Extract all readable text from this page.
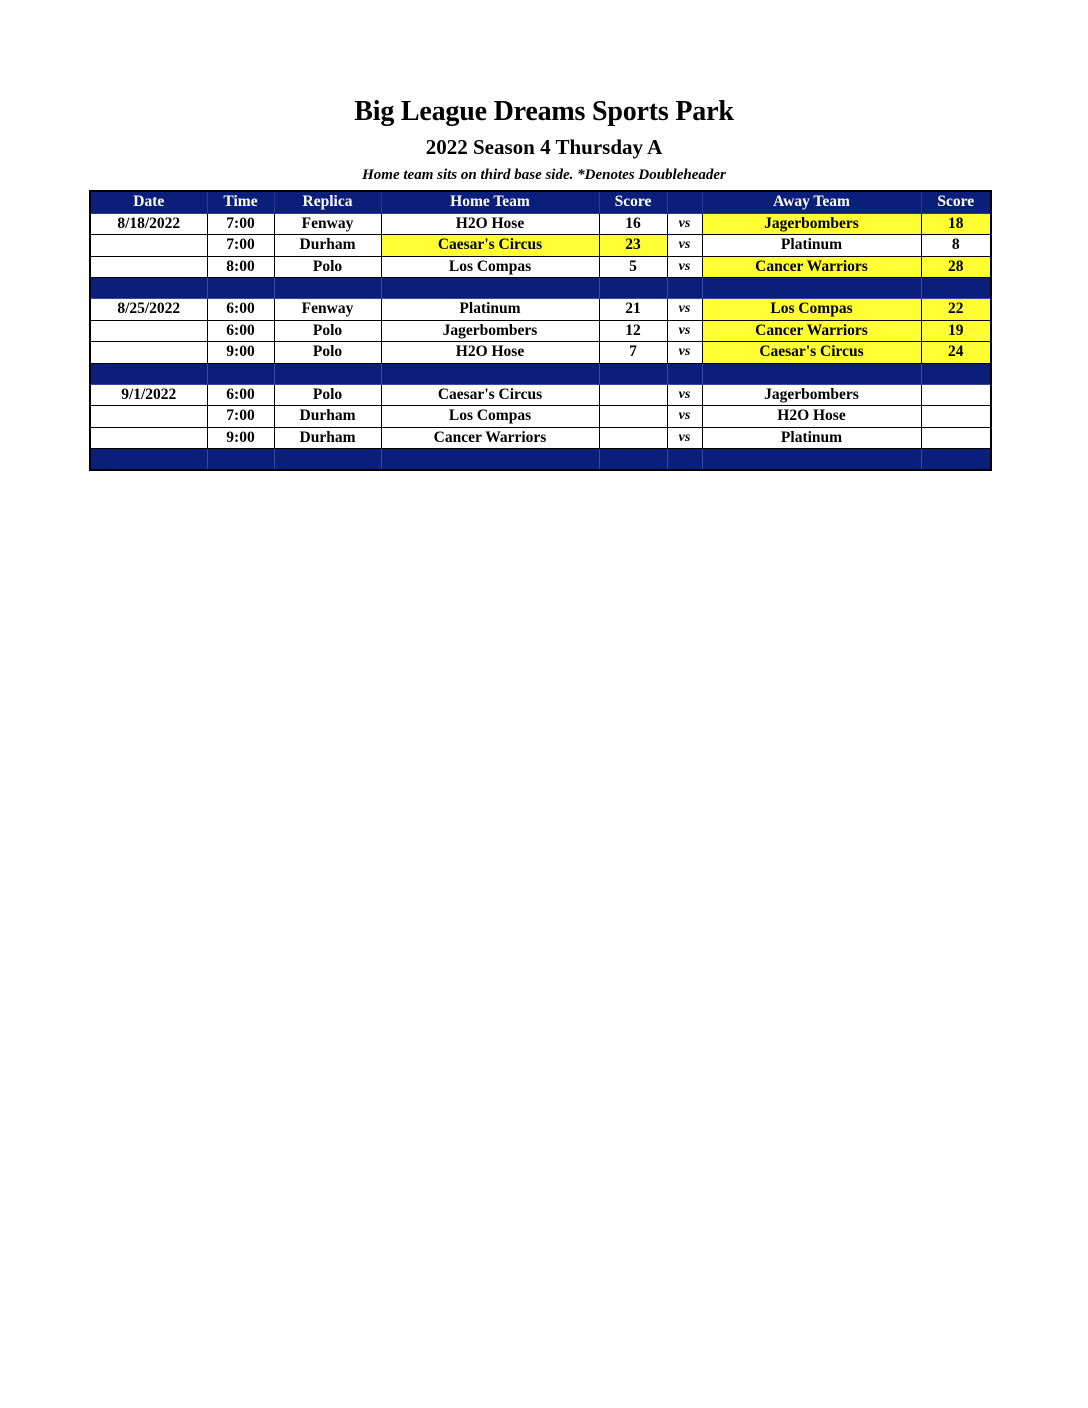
Big League Dreams Sports Park
2022 Season 4 Thursday A
Home team sits on third base side. *Denotes Doubleheader
Date	Time	Replica	Home Team	Score		Away Team	Score
8/18/2022	7:00	Fenway	H2O Hose	16	vs	Jagerbombers	18
	7:00	Durham	Caesar's Circus	23	vs	Platinum	8
	8:00	Polo	Los Compas	5	vs	Cancer Warriors	28

8/25/2022	6:00	Fenway	Platinum	21	vs	Los Compas	22
	6:00	Polo	Jagerbombers	12	vs	Cancer Warriors	19
	9:00	Polo	H2O Hose	7	vs	Caesar's Circus	24

9/1/2022	6:00	Polo	Caesar's Circus		vs	Jagerbombers	
	7:00	Durham	Los Compas		vs	H2O Hose	
	9:00	Durham	Cancer Warriors		vs	Platinum	
